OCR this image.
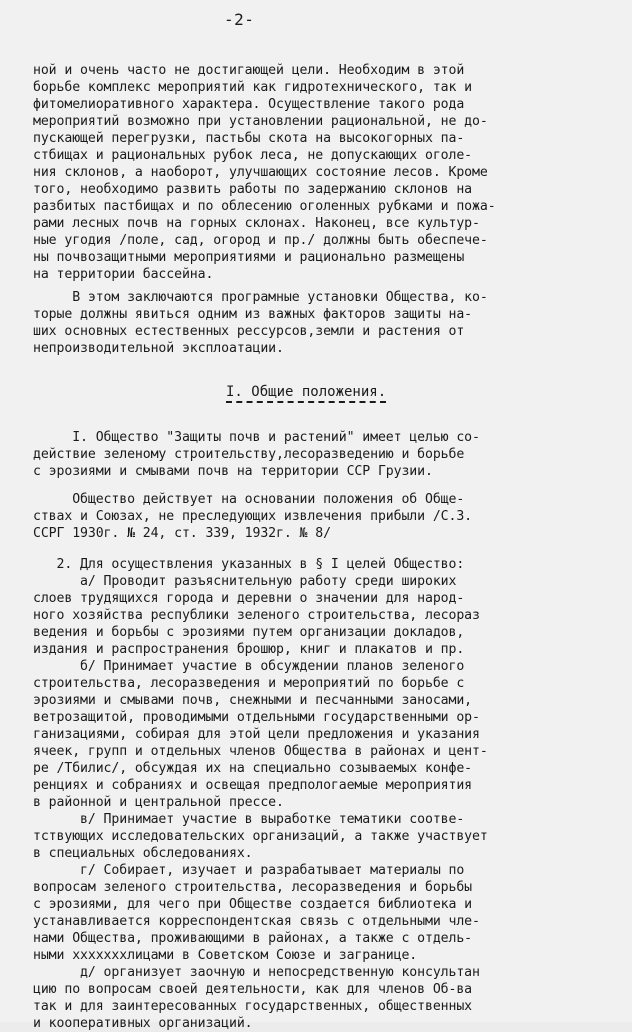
-2-
ной и очень часто не достигающей цели. Необходим в этой
борьбе комплекс мероприятий как гидротехнического, так и
фитомелиоративного характера. Осуществление такого рода
мероприятий возможно при установлении рациональной, не до-
пускающей перегрузки, пастьбы скота на высокогорных па-
стбищах и рациональных рубок леса, не допускающих оголе-
ния склонов, а наоборот, улучшающих состояние лесов. Кроме
того, необходимо развить работы по задержанию склонов на
разбитых пастбищах и по облесению оголенных рубками и пожа-
рами лесных почв на горных склонах. Наконец, все культур-
ные угодия /поле, сад, огород и пр./ должны быть обеспече-
ны почвозащитными мероприятиями и рационально размещены
на территории бассейна.
В этом заключаются програмные установки Общества, ко-
торые должны явиться одним из важных факторов защиты на-
ших основных естественных рессурсов,земли и растения от
непроизводительной эксплоатации.
I. Общие положения.
I. Общество "Защиты почв и растений" имеет целью со-
действие зеленому строительству,лесоразведению и борьбе
с эрозиями и смывами почв на территории ССР Грузии.
Общество действует на основании положения об Обще-
ствах и Союзах, не преследующих извлечения прибыли /С.З.
ССРГ 1930г. № 24, ст. 339, 1932г. № 8/
2. Для осуществления указанных в § I целей Общество:
а/ Проводит разъяснительную работу среди широких
слоев трудящихся города и деревни о значении для народ-
ного хозяйства республики зеленого строительства, лесораз
ведения и борьбы с эрозиями путем организации докладов,
издания и распространения брошюр, книг и плакатов и пр.
б/ Принимает участие в обсуждении планов зеленого
строительства, лесоразведения и мероприятий по борьбе с
эрозиями и смывами почв, снежными и песчанными заносами,
ветрозащитой, проводимыми отдельными государственными ор-
ганизациями, собирая для этой цели предложения и указания
ячеек, групп и отдельных членов Общества в районах и цент-
ре /Тбилис/, обсуждая их на специально созываемых конфе-
ренциях и собраниях и освещая предпологаемые мероприятия
в районной и центральной прессе.
в/ Принимает участие в выработке тематики соотве-
тствующих исследовательских организаций, а также участвует
в специальных обследованиях.
г/ Собирает, изучает и разрабатывает материалы по
вопросам зеленого строительства, лесоразведения и борьбы
с эрозиями, для чего при Обществе создается библиотека и
устанавливается корреспондентская связь с отдельными чле-
нами Общества, проживающими в районах, а также с отдель-
ными xxxxxxxлицами в Советском Союзе и загранице.
д/ организует заочную и непосредственную консультан
цию по вопросам своей деятельности, как для членов Об-ва
так и для заинтересованных государственных, общественных
и кооперативных организаций.
